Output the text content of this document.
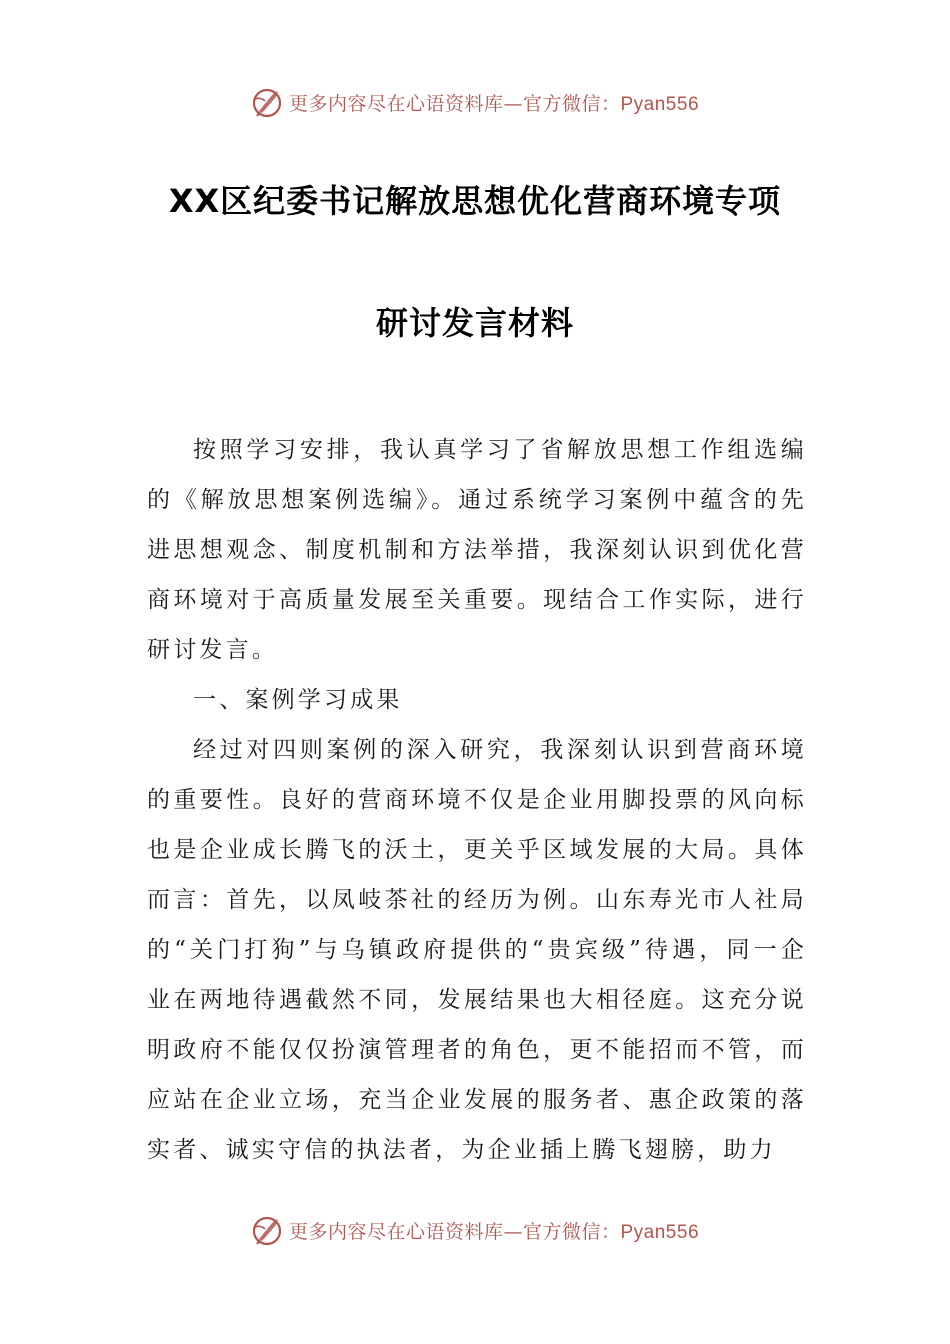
更多内容尽在心语资料库—官方微信：Pyan556
XX区纪委书记解放思想优化营商环境专项
研讨发言材料

按照学习安排，我认真学习了省解放思想工作组选编的《解放思想案例选编》。通过系统学习案例中蕴含的先进思想观念、制度机制和方法举措，我深刻认识到优化营商环境对于高质量发展至关重要。现结合工作实际，进行研讨发言。

一、案例学习成果

经过对四则案例的深入研究，我深刻认识到营商环境的重要性。良好的营商环境不仅是企业用脚投票的风向标也是企业成长腾飞的沃土，更关乎区域发展的大局。具体而言：首先，以凤岐茶社的经历为例。山东寿光市人社局的“关门打狗”与乌镇政府提供的“贵宾级”待遇，同一企业在两地待遇截然不同，发展结果也大相径庭。这充分说明政府不能仅仅扮演管理者的角色，更不能招而不管，而应站在企业立场，充当企业发展的服务者、惠企政策的落实者、诚实守信的执法者，为企业插上腾飞翅膀，助力

更多内容尽在心语资料库—官方微信：Pyan556
